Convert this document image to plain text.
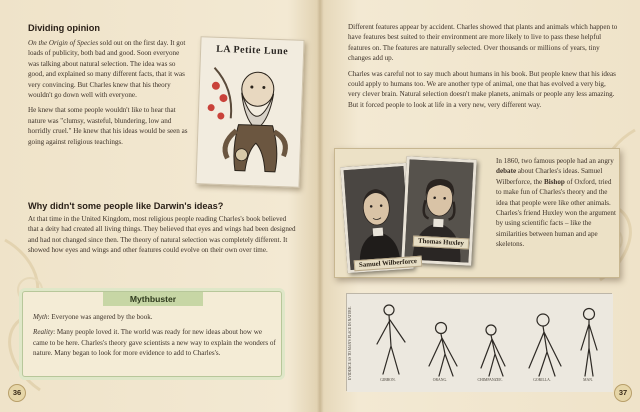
Dividing opinion

On the Origin of Species sold out on the first day. It got loads of publicity, both bad and good. Soon everyone was talking about natural selection. The idea was so good, and explained so many different facts, that it was very convincing. But Charles knew that his theory wouldn't go down well with everyone.

He knew that some people wouldn't like to hear that nature was "clumsy, wasteful, blundering, low and horridly cruel." He knew that his ideas would be seen as going against religious teachings.

LA Petite Lune
Why didn't some people like Darwin's ideas?

At that time in the United Kingdom, most religious people reading Charles's book believed that a deity had created all living things. They believed that eyes and wings had been designed and had not changed since then. The theory of natural selection was completely different. It showed how eyes and wings and other features could evolve on their own over time.

Mythbuster

Myth: Everyone was angered by the book.

Reality: Many people loved it. The world was ready for new ideas about how we came to be here. Charles's theory gave scientists a new way to explain the wonders of nature. Many began to look for more evidence to add to Charles's.

36

Different features appear by accident. Charles showed that plants and animals which happen to have features best suited to their environment are more likely to live to pass these helpful features on. The features are naturally selected. Over thousands or millions of years, tiny changes add up.

Charles was careful not to say much about humans in his book. But people knew that his ideas could apply to humans too. We are another type of animal, one that has evolved a very big, very clever brain. Natural selection doesn't make planets, animals or people any less amazing. But it forced people to look at life in a very new, very different way.

Samuel Wilberforce
Thomas Huxley

In 1860, two famous people had an angry debate about Charles's ideas. Samuel Wilberforce, the Bishop of Oxford, tried to make fun of Charles's theory and the idea that people were like other animals. Charles's friend Huxley won the argument by using scientific facts – like the similarities between human and ape skeletons.

EVIDENCE AS TO MAN'S PLACE IN NATURE.
GIBBON.	ORANG.	CHIMPANZEE.	GORILLA.	MAN.
37
